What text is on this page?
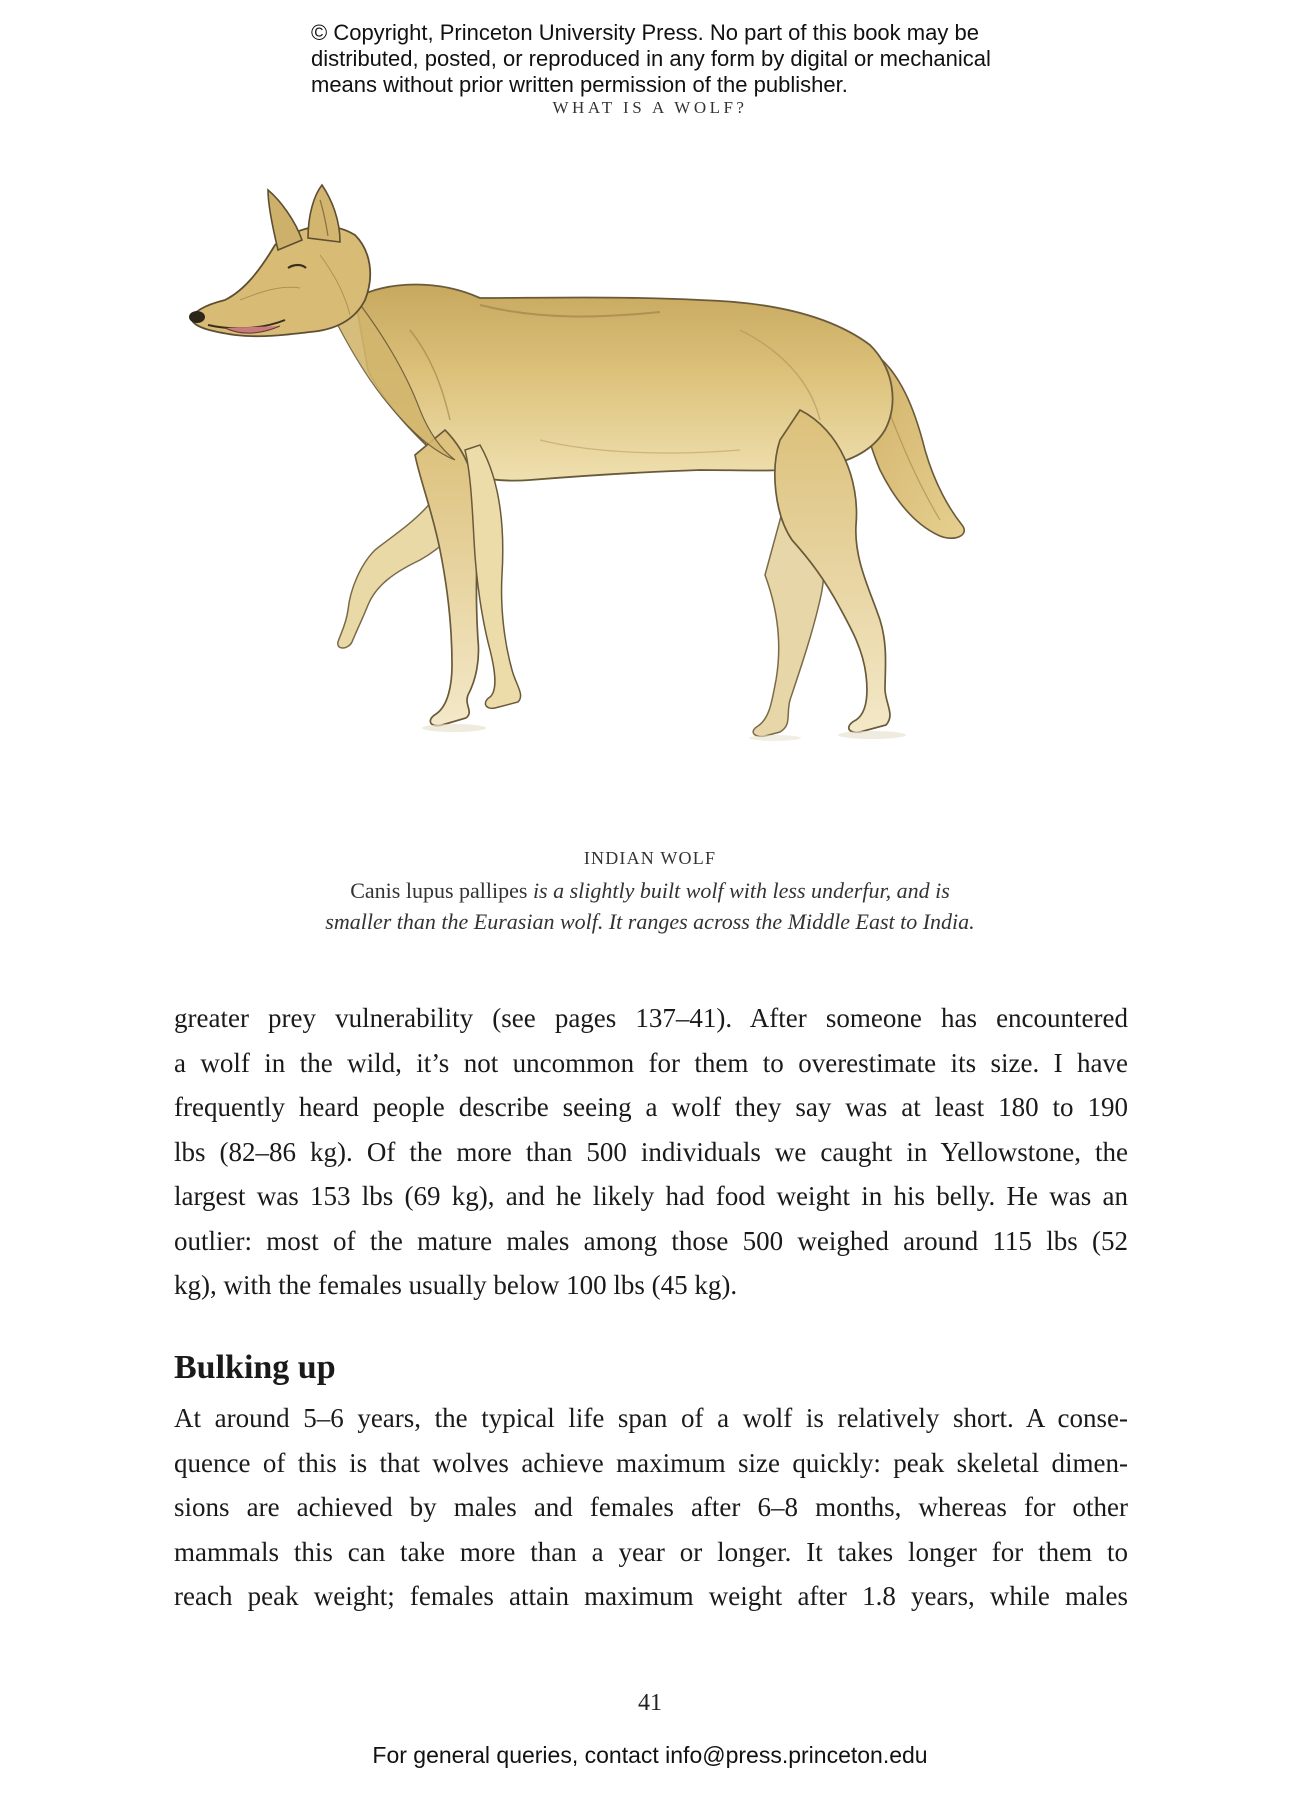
© Copyright, Princeton University Press. No part of this book may be
distributed, posted, or reproduced in any form by digital or mechanical
means without prior written permission of the publisher.
WHAT IS A WOLF?
INDIAN WOLF
Canis lupus pallipes is a slightly built wolf with less underfur, and is
smaller than the Eurasian wolf. It ranges across the Middle East to India.
greater prey vulnerability (see pages 137–41). After someone has encountered
a wolf in the wild, it’s not uncommon for them to overestimate its size. I have
frequently heard people describe seeing a wolf they say was at least 180 to 190
lbs (82–86 kg). Of the more than 500 individuals we caught in Yellowstone, the
largest was 153 lbs (69 kg), and he likely had food weight in his belly. He was an
outlier: most of the mature males among those 500 weighed around 115 lbs (52
kg), with the females usually below 100 lbs (45 kg).
Bulking up
At around 5–6 years, the typical life span of a wolf is relatively short. A conse-
quence of this is that wolves achieve maximum size quickly: peak skeletal dimen-
sions are achieved by males and females after 6–8 months, whereas for other
mammals this can take more than a year or longer. It takes longer for them to
reach peak weight; females attain maximum weight after 1.8 years, while males
41
For general queries, contact info@press.princeton.edu
